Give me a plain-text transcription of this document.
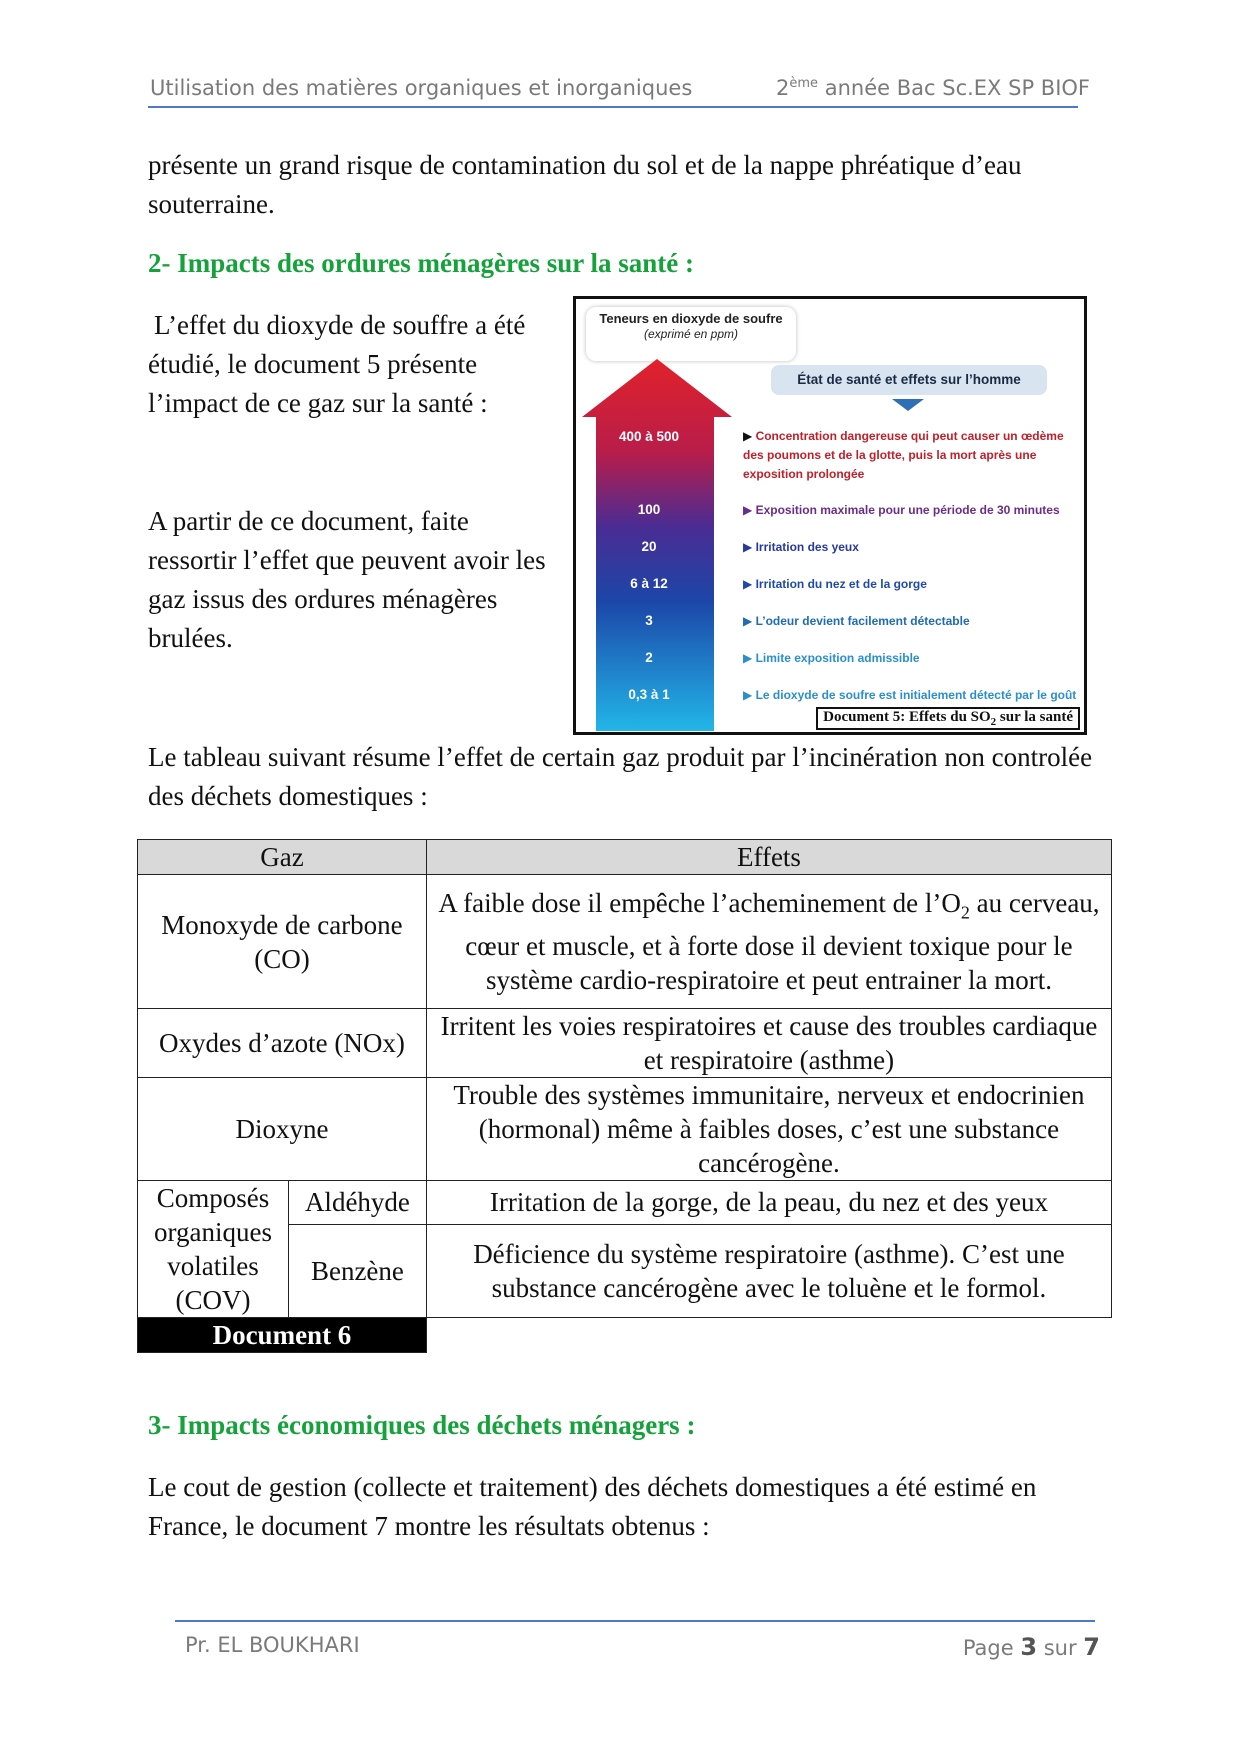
Utilisation des matières organiques et inorganiques	2ème année Bac Sc.EX SP BIOF
présente un grand risque de contamination du sol et de la nappe phréatique d’eau souterraine.
2- Impacts des ordures ménagères sur la santé :
L’effet du dioxyde de souffre a été étudié, le document 5 présente l’impact de ce gaz sur la santé :
A partir de ce document, faite ressortir l’effet que peuvent avoir les gaz issus des ordures ménagères brulées.
Teneurs en dioxyde de soufre
(exprimé en ppm)
État de santé et effets sur l’homme
400 à 500	▶ Concentration dangereuse qui peut causer un œdème des poumons et de la glotte, puis la mort après une exposition prolongée
100	▶ Exposition maximale pour une période de 30 minutes
20	▶ Irritation des yeux
6 à 12	▶ Irritation du nez et de la gorge
3	▶ L’odeur devient facilement détectable
2	▶ Limite exposition admissible
0,3 à 1	▶ Le dioxyde de soufre est initialement détecté par le goût
Document 5: Effets du $SO_2$ sur la santé
Le tableau suivant résume l’effet de certain gaz produit par l’incinération non controlée des déchets domestiques :
Gaz		Effets
Monoxyde de carbone (CO)		A faible dose il empêche l’acheminement de $l’O_2$ au cerveau, cœur et muscle, et à forte dose il devient toxique pour le système cardio-respiratoire et peut entrainer la mort.
Oxydes d’azote (NOx)		Irritent les voies respiratoires et cause des troubles cardiaque et respiratoire (asthme)
Dioxyne		Trouble des systèmes immunitaire, nerveux et endocrinien (hormonal) même à faibles doses, c’est une substance cancérogène.
Composés organiques volatiles (COV)	Aldéhyde	Irritation de la gorge, de la peau, du nez et des yeux
	Benzène	Déficience du système respiratoire (asthme). C’est une substance cancérogène avec le toluène et le formol.
Document 6		
3- Impacts économiques des déchets ménagers :
Le cout de gestion (collecte et traitement) des déchets domestiques a été estimé en France, le document 7 montre les résultats obtenus :
Pr. EL BOUKHARI	Page 3 sur 7
